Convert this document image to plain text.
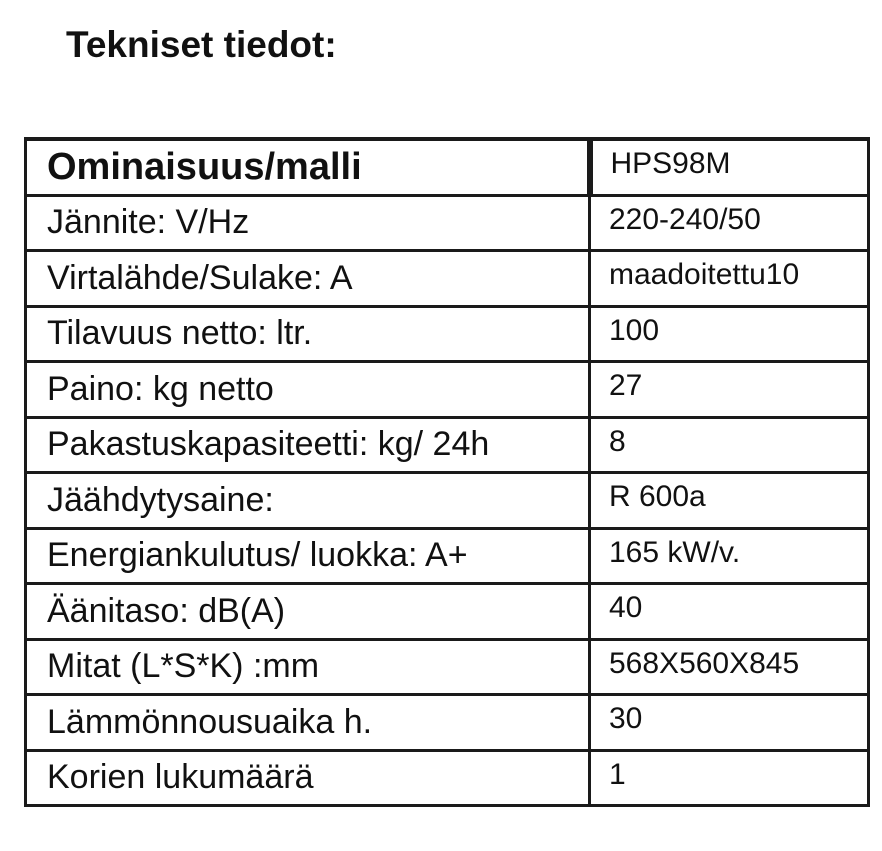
Tekniset tiedot:
Ominaisuus/malli	HPS98M
Jännite: V/Hz	220-240/50
Virtalähde/Sulake: A	maadoitettu10
Tilavuus netto: ltr.	100
Paino: kg netto	27
Pakastuskapasiteetti: kg/ 24h	8
Jäähdytysaine:	R 600a
Energiankulutus/ luokka: A+	165 kW/v.
Äänitaso: dB(A)	40
Mitat (L*S*K) :mm	568X560X845
Lämmönnousuaika h.	30
Korien lukumäärä	1
